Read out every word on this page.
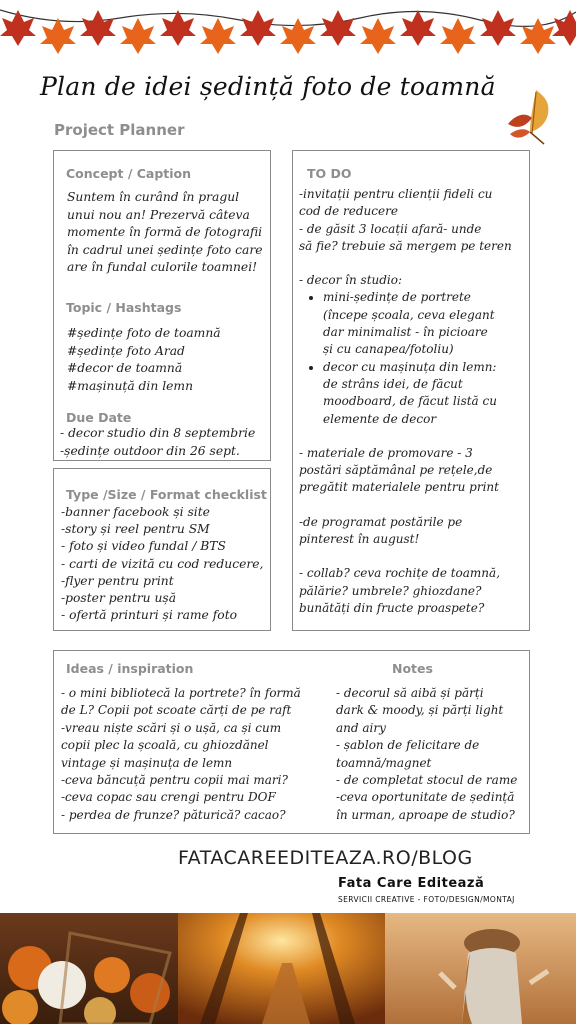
Plan de idei ședință foto de toamnă
Project Planner
Concept / Caption
Suntem în curând în pragul
unui nou an! Prezervă câteva
momente în formă de fotografii
în cadrul unei ședințe foto care
are în fundal culorile toamnei!
Topic / Hashtags
#ședințe foto de toamnă
#ședințe foto Arad
#decor de toamnă
#mașinuță din lemn
Due Date
- decor studio din 8 septembrie
-ședințe outdoor din 26 sept.
Type /Size / Format checklist
-banner facebook și site
-story și reel pentru SM
- foto și video fundal / BTS
- carti de vizită cu cod reducere,
-flyer pentru print
-poster pentru ușă
- ofertă printuri și rame foto
TO DO
-invitații pentru clienții fideli cu
cod de reducere
- de găsit 3 locații afară- unde
să fie? trebuie să mergem pe teren
- decor în studio:
• mini-ședințe de portrete
(începe școala, ceva elegant
dar minimalist - în picioare
și cu canapea/fotoliu)
• decor cu mașinuța din lemn:
de strâns idei, de făcut
moodboard, de făcut listă cu
elemente de decor
- materiale de promovare - 3
postări săptămânal pe rețele,de
pregătit materialele pentru print
-de programat postările pe
pinterest în august!
- collab? ceva rochițe de toamnă,
pălărie? umbrele? ghiozdane?
bunătăți din fructe proaspete?
Ideas / inspiration
- o mini bibliotecă la portrete? în formă
de L? Copii pot scoate cărți de pe raft
-vreau niște scări și o ușă, ca și cum
copii plec la școală, cu ghiozdănel
vintage și mașinuța de lemn
-ceva băncuță pentru copii mai mari?
-ceva copac sau crengi pentru DOF
- perdea de frunze? păturică? cacao?
Notes
- decorul să aibă și părți
dark & moody, și părți light
and airy
- șablon de felicitare de
toamnă/magnet
- de completat stocul de rame
-ceva oportunitate de ședință
în urman, aproape de studio?
FATACAREEDITEAZA.RO/BLOG
Fata Care Editează
SERVICII CREATIVE - FOTO/DESIGN/MONTAJ
